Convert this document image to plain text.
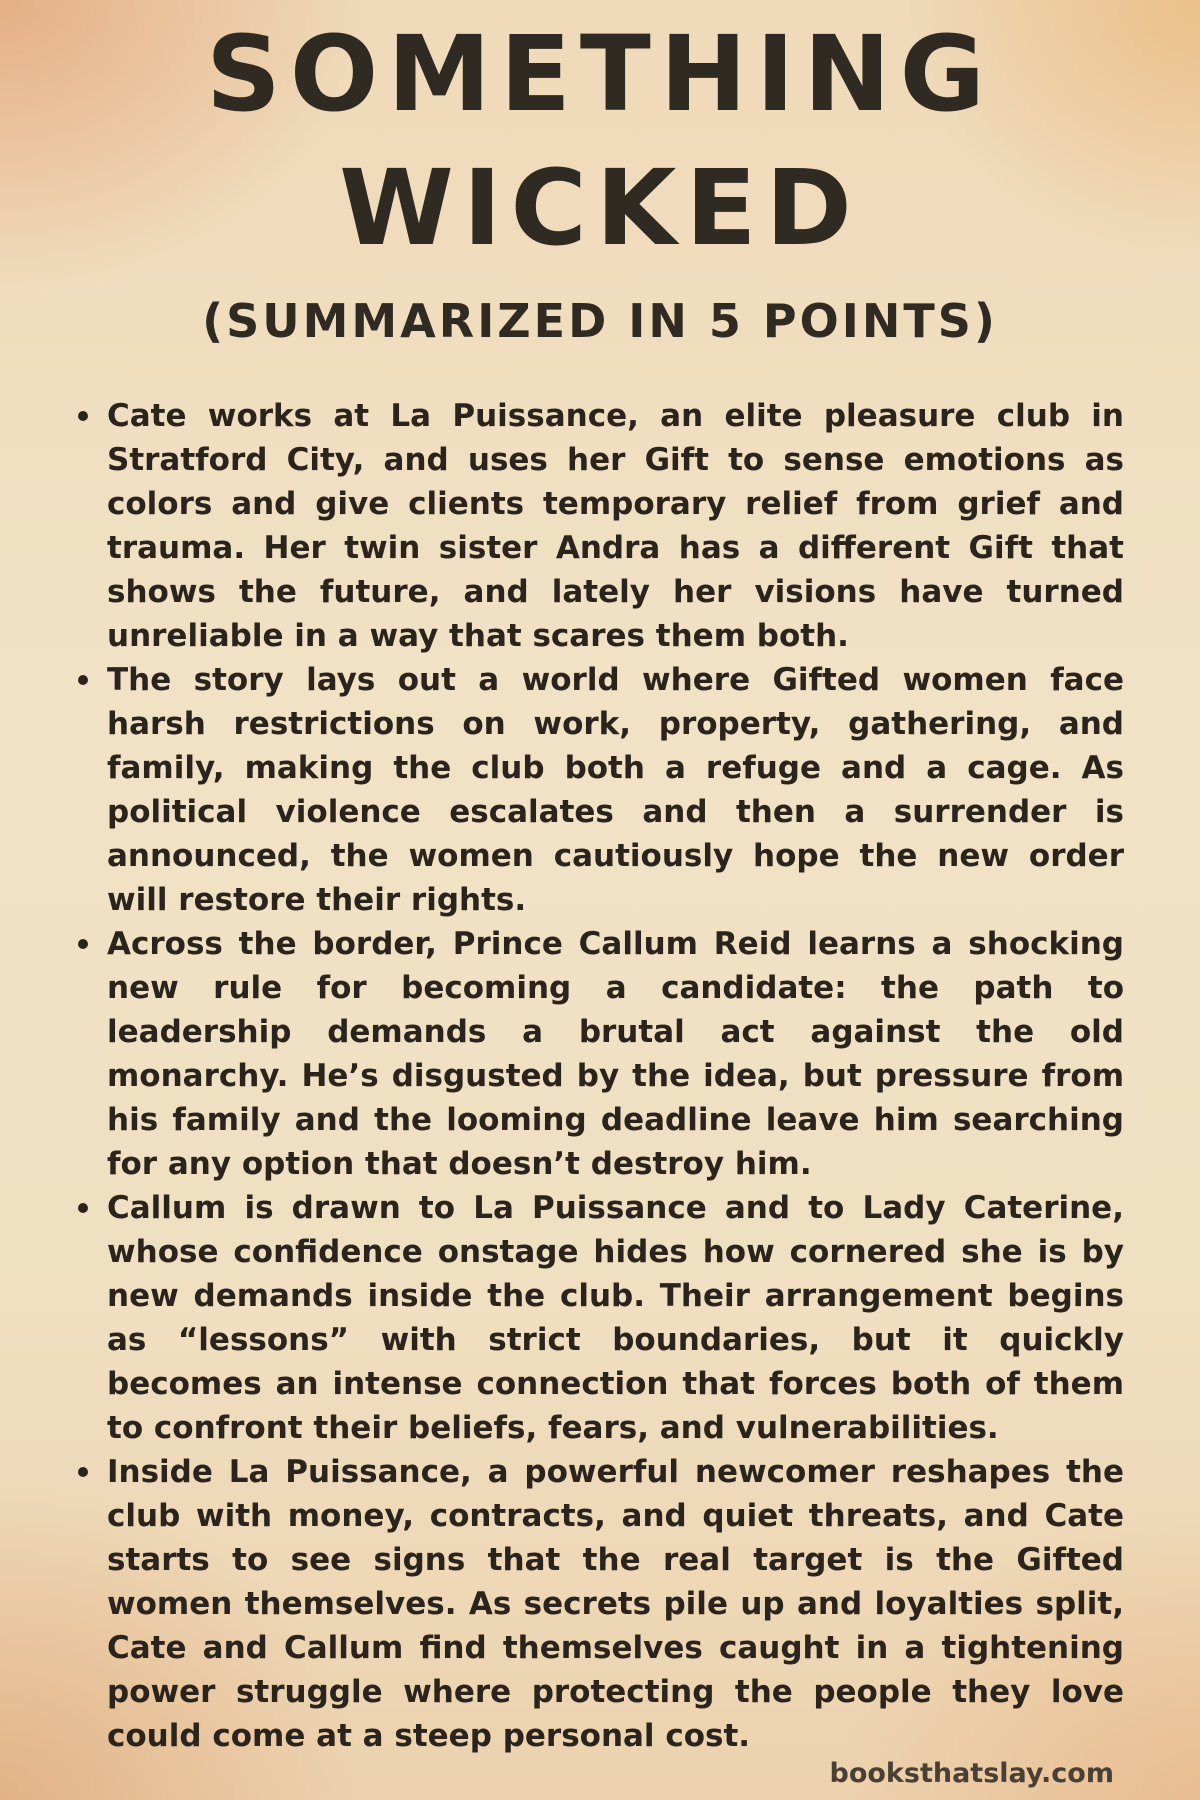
SOMETHING
WICKED
(SUMMARIZED IN 5 POINTS)
Cate works at La Puissance, an elite pleasure club in Stratford City, and uses her Gift to sense emotions as colors and give clients temporary relief from grief and trauma. Her twin sister Andra has a different Gift that shows the future, and lately her visions have turned unreliable in a way that scares them both.
The story lays out a world where Gifted women face harsh restrictions on work, property, gathering, and family, making the club both a refuge and a cage. As political violence escalates and then a surrender is announced, the women cautiously hope the new order will restore their rights.
Across the border, Prince Callum Reid learns a shocking new rule for becoming a candidate: the path to leadership demands a brutal act against the old monarchy. He’s disgusted by the idea, but pressure from his family and the looming deadline leave him searching for any option that doesn’t destroy him.
Callum is drawn to La Puissance and to Lady Caterine, whose confidence onstage hides how cornered she is by new demands inside the club. Their arrangement begins as “lessons” with strict boundaries, but it quickly becomes an intense connection that forces both of them to confront their beliefs, fears, and vulnerabilities.
Inside La Puissance, a powerful newcomer reshapes the club with money, contracts, and quiet threats, and Cate starts to see signs that the real target is the Gifted women themselves. As secrets pile up and loyalties split, Cate and Callum find themselves caught in a tightening power struggle where protecting the people they love could come at a steep personal cost.
booksthatslay.com
